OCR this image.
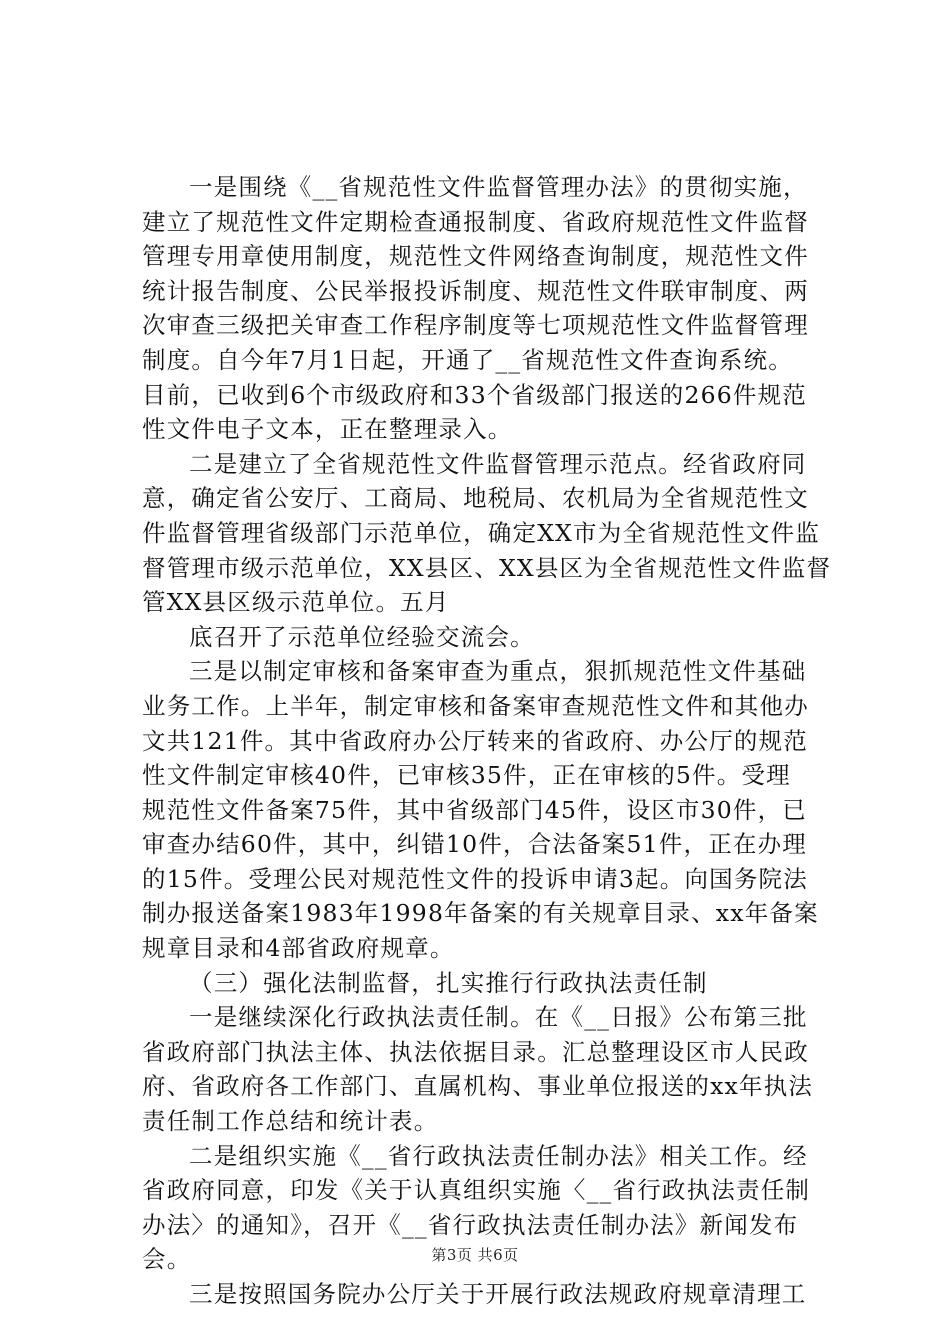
一是围绕《__省规范性文件监督管理办法》的贯彻实施，
建立了规范性文件定期检查通报制度、省政府规范性文件监督
管理专用章使用制度，规范性文件网络查询制度，规范性文件
统计报告制度、公民举报投诉制度、规范性文件联审制度、两
次审查三级把关审查工作程序制度等七项规范性文件监督管理
制度。自今年7月1日起，开通了__省规范性文件查询系统。
目前，已收到6个市级政府和33个省级部门报送的266件规范
性文件电子文本，正在整理录入。
二是建立了全省规范性文件监督管理示范点。经省政府同
意，确定省公安厅、工商局、地税局、农机局为全省规范性文
件监督管理省级部门示范单位，确定XX市为全省规范性文件监
督管理市级示范单位，XX县区、XX县区为全省规范性文件监督
管XX县区级示范单位。五月
底召开了示范单位经验交流会。
三是以制定审核和备案审查为重点，狠抓规范性文件基础
业务工作。上半年，制定审核和备案审查规范性文件和其他办
文共121件。其中省政府办公厅转来的省政府、办公厅的规范
性文件制定审核40件，已审核35件，正在审核的5件。受理
规范性文件备案75件，其中省级部门45件，设区市30件，已
审查办结60件，其中，纠错10件，合法备案51件，正在办理
的15件。受理公民对规范性文件的投诉申请3起。向国务院法
制办报送备案1983年1998年备案的有关规章目录、xx年备案
规章目录和4部省政府规章。
（三）强化法制监督，扎实推行行政执法责任制
一是继续深化行政执法责任制。在《__日报》公布第三批
省政府部门执法主体、执法依据目录。汇总整理设区市人民政
府、省政府各工作部门、直属机构、事业单位报送的xx年执法
责任制工作总结和统计表。
二是组织实施《__省行政执法责任制办法》相关工作。经
省政府同意，印发《关于认真组织实施〈__省行政执法责任制
办法〉的通知》，召开《__省行政执法责任制办法》新闻发布
会。
三是按照国务院办公厅关于开展行政法规政府规章清理工
第3页 共6页
